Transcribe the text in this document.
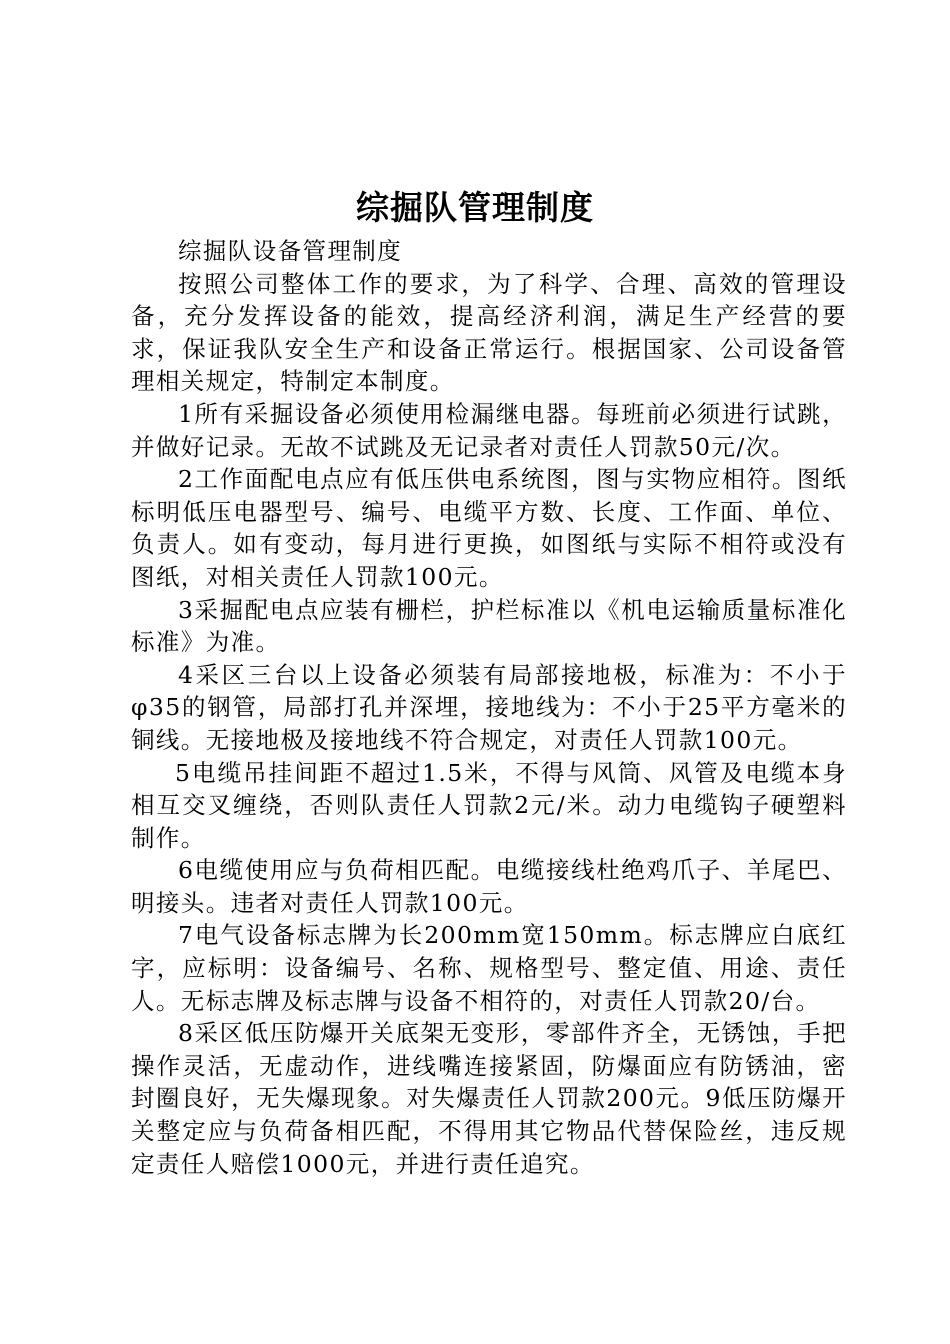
综掘队管理制度

综掘队设备管理制度

按照公司整体工作的要求，为了科学、合理、高效的管理设备，充分发挥设备的能效，提高经济利润，满足生产经营的要求，保证我队安全生产和设备正常运行。根据国家、公司设备管理相关规定，特制定本制度。

1所有采掘设备必须使用检漏继电器。每班前必须进行试跳，并做好记录。无故不试跳及无记录者对责任人罚款50元/次。

2工作面配电点应有低压供电系统图，图与实物应相符。图纸标明低压电器型号、编号、电缆平方数、长度、工作面、单位、负责人。如有变动，每月进行更换，如图纸与实际不相符或没有图纸，对相关责任人罚款100元。

3采掘配电点应装有栅栏，护栏标准以《机电运输质量标准化标准》为准。

4采区三台以上设备必须装有局部接地极，标准为：不小于φ35的钢管，局部打孔并深埋，接地线为：不小于25平方毫米的铜线。无接地极及接地线不符合规定，对责任人罚款100元。

5电缆吊挂间距不超过1.5米，不得与风筒、风管及电缆本身相互交叉缠绕，否则队责任人罚款2元/米。动力电缆钩子硬塑料制作。

6电缆使用应与负荷相匹配。电缆接线杜绝鸡爪子、羊尾巴、明接头。违者对责任人罚款100元。

7电气设备标志牌为长200mm宽150mm。标志牌应白底红字，应标明：设备编号、名称、规格型号、整定值、用途、责任人。无标志牌及标志牌与设备不相符的，对责任人罚款20/台。

8采区低压防爆开关底架无变形，零部件齐全，无锈蚀，手把操作灵活，无虚动作，进线嘴连接紧固，防爆面应有防锈油，密封圈良好，无失爆现象。对失爆责任人罚款200元。9低压防爆开关整定应与负荷备相匹配，不得用其它物品代替保险丝，违反规定责任人赔偿1000元，并进行责任追究。
